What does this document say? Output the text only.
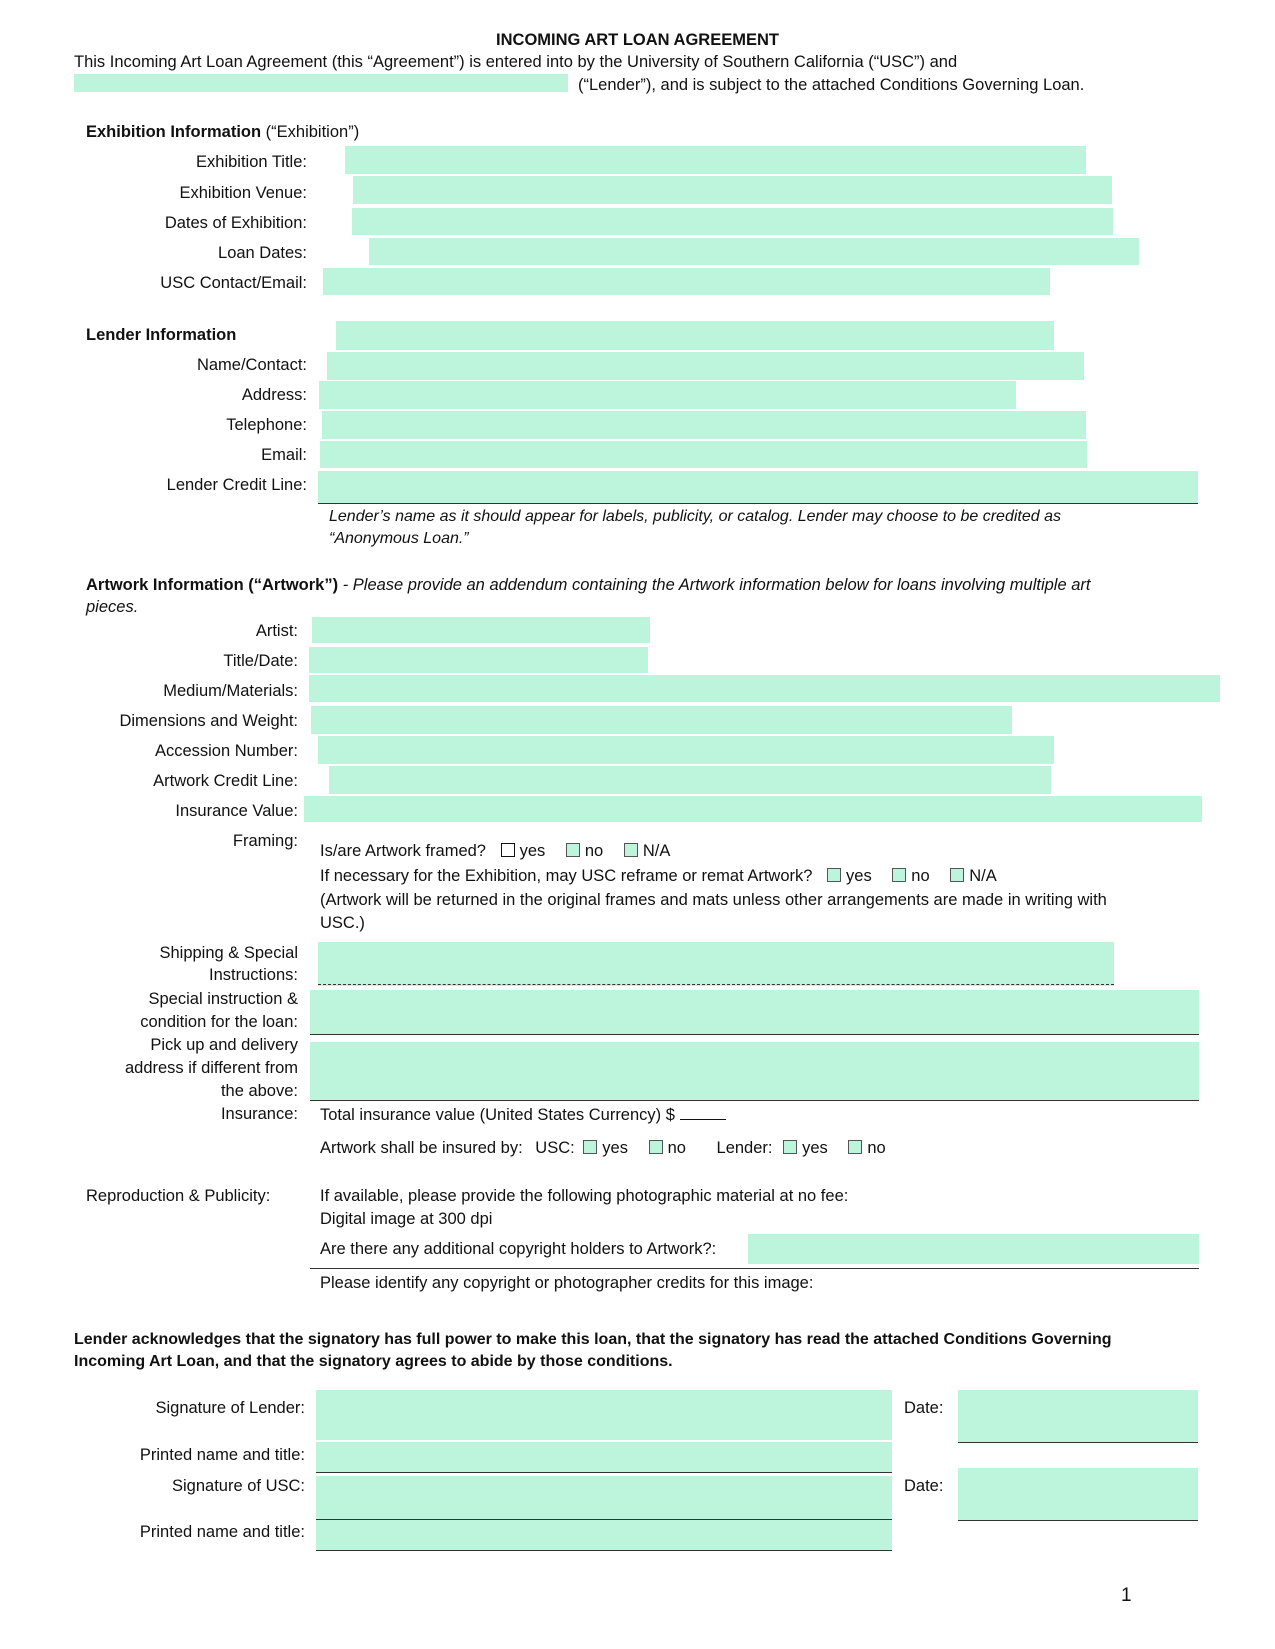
INCOMING ART LOAN AGREEMENT
This Incoming Art Loan Agreement (this “Agreement”) is entered into by the University of Southern California (“USC”) and
(“Lender”), and is subject to the attached Conditions Governing Loan.
Exhibition Information (“Exhibition”)
Exhibition Title:
Exhibition Venue:
Dates of Exhibition:
Loan Dates:
USC Contact/Email:
Lender Information
Name/Contact:
Address:
Telephone:
Email:
Lender Credit Line:
Lender’s name as it should appear for labels, publicity, or catalog. Lender may choose to be credited as
“Anonymous Loan.”
Artwork Information (“Artwork”) - Please provide an addendum containing the Artwork information below for loans involving multiple art
pieces.
Artist:
Title/Date:
Medium/Materials:
Dimensions and Weight:
Accession Number:
Artwork Credit Line:
Insurance Value:
Framing:
Is/are Artwork framed? yes no N/A
If necessary for the Exhibition, may USC reframe or remat Artwork? yes no N/A
(Artwork will be returned in the original frames and mats unless other arrangements are made in writing with
USC.)
Shipping & Special
Instructions:
Special instruction &
condition for the loan:
Pick up and delivery
address if different from
the above:
Insurance: Total insurance value (United States Currency) $
Artwork shall be insured by: USC: yes no Lender: yes no
Reproduction & Publicity:	If available, please provide the following photographic material at no fee:
Digital image at 300 dpi
Are there any additional copyright holders to Artwork?:
Please identify any copyright or photographer credits for this image:
Lender acknowledges that the signatory has full power to make this loan, that the signatory has read the attached Conditions Governing
Incoming Art Loan, and that the signatory agrees to abide by those conditions.
Signature of Lender:	Date:
Printed name and title:
Signature of USC:	Date:
Printed name and title:
1
